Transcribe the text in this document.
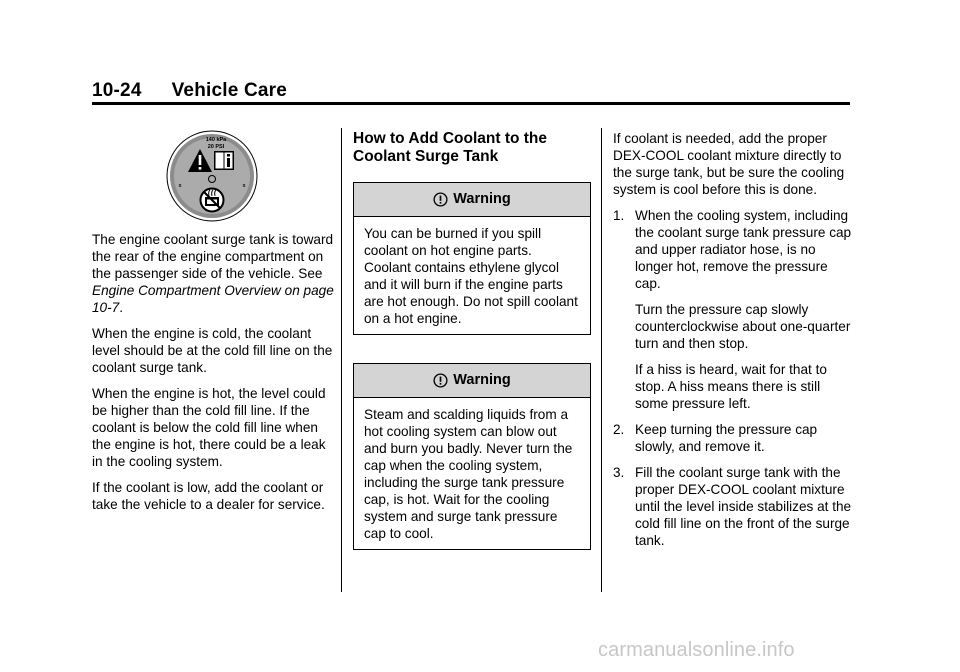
10-24 Vehicle Care
140 kPa
20 PSI
S	S

The engine coolant surge tank is toward the rear of the engine compartment on the passenger side of the vehicle. See Engine Compartment Overview on page 10-7.

When the engine is cold, the coolant level should be at the cold fill line on the coolant surge tank.

When the engine is hot, the level could be higher than the cold fill line. If the coolant is below the cold fill line when the engine is hot, there could be a leak in the cooling system.

If the coolant is low, add the coolant or take the vehicle to a dealer for service.

How to Add Coolant to the Coolant Surge Tank
Warning
You can be burned if you spill coolant on hot engine parts. Coolant contains ethylene glycol and it will burn if the engine parts are hot enough. Do not spill coolant on a hot engine.
Warning
Steam and scalding liquids from a hot cooling system can blow out and burn you badly. Never turn the cap when the cooling system, including the surge tank pressure cap, is hot. Wait for the cooling system and surge tank pressure cap to cool.

If coolant is needed, add the proper DEX-COOL coolant mixture directly to the surge tank, but be sure the cooling system is cool before this is done.

1. When the cooling system, including the coolant surge tank pressure cap and upper radiator hose, is no longer hot, remove the pressure cap.

Turn the pressure cap slowly counterclockwise about one-quarter turn and then stop.

If a hiss is heard, wait for that to stop. A hiss means there is still some pressure left.

2. Keep turning the pressure cap slowly, and remove it.

3. Fill the coolant surge tank with the proper DEX-COOL coolant mixture until the level inside stabilizes at the cold fill line on the front of the surge tank.

carmanualsonline.info
